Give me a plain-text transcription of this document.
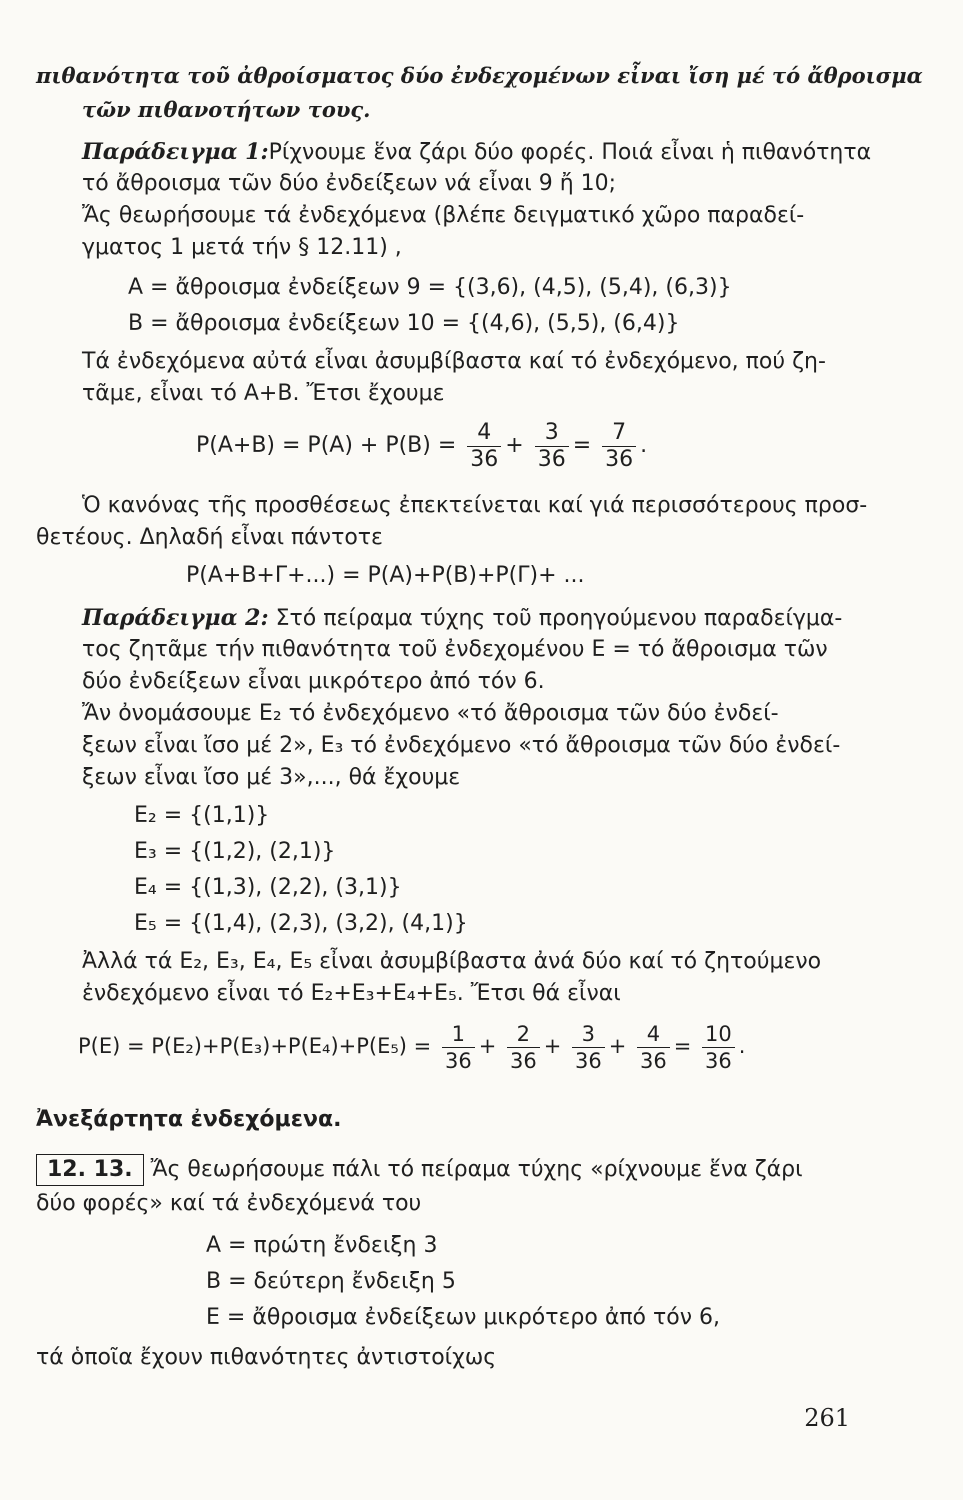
πιθανότητα τοῦ ἀθροίσματος δύο ἐνδεχομένων εἶναι ἴση μέ τό ἄθροισμα
τῶν πιθανοτήτων τους.
Παράδειγμα 1:Ρίχνουμε ἕνα ζάρι δύο φορές. Ποιά εἶναι ἡ πιθανότητα
τό ἄθροισμα τῶν δύο ἐνδείξεων νά εἶναι 9 ἤ 10;
Ἄς θεωρήσουμε τά ἐνδεχόμενα (βλέπε δειγματικό χῶρο παραδεί-
γματος 1 μετά τήν § 12.11) ,
Α = ἄθροισμα ἐνδείξεων 9 = {(3,6), (4,5), (5,4), (6,3)}
Β = ἄθροισμα ἐνδείξεων 10 = {(4,6), (5,5), (6,4)}
Τά ἐνδεχόμενα αὐτά εἶναι ἀσυμβίβαστα καί τό ἐνδεχόμενο, πού ζη-
τᾶμε, εἶναι τό Α+Β. Ἔτσι ἔχουμε
$P(A+B) = P(A) + P(B) = \frac{4}{36} + \frac{3}{36} = \frac{7}{36}$ .
Ὁ κανόνας τῆς προσθέσεως ἐπεκτείνεται καί γιά περισσότερους προσ-
θετέους. Δηλαδή εἶναι πάντοτε
Ρ(Α+Β+Γ+...) = Ρ(Α)+Ρ(Β)+Ρ(Γ)+ ...
Παράδειγμα 2: Στό πείραμα τύχης τοῦ προηγούμενου παραδείγμα-
τος ζητᾶμε τήν πιθανότητα τοῦ ἐνδεχομένου Ε = τό ἄθροισμα τῶν
δύο ἐνδείξεων εἶναι μικρότερο ἀπό τόν 6.
Ἄν ὀνομάσουμε Ε₂ τό ἐνδεχόμενο «τό ἄθροισμα τῶν δύο ἐνδεί-
ξεων εἶναι ἴσο μέ 2», Ε₃ τό ἐνδεχόμενο «τό ἄθροισμα τῶν δύο ἐνδεί-
ξεων εἶναι ἴσο μέ 3»,..., θά ἔχουμε
Ε₂ = {(1,1)}
Ε₃ = {(1,2), (2,1)}
Ε₄ = {(1,3), (2,2), (3,1)}
Ε₅ = {(1,4), (2,3), (3,2), (4,1)}
Ἀλλά τά Ε₂, Ε₃, Ε₄, Ε₅ εἶναι ἀσυμβίβαστα ἀνά δύο καί τό ζητούμενο
ἐνδεχόμενο εἶναι τό Ε₂+Ε₃+Ε₄+Ε₅. Ἔτσι θά εἶναι
$P(E) = P(E_2)+P(E_3)+P(E_4)+P(E_5) = \frac{1}{36} + \frac{2}{36} + \frac{3}{36} + \frac{4}{36} = \frac{10}{36}$ .
Ἀνεξάρτητα ἐνδεχόμενα.
12. 13. Ἄς θεωρήσουμε πάλι τό πείραμα τύχης «ρίχνουμε ἕνα ζάρι
δύο φορές» καί τά ἐνδεχόμενά του
Α = πρώτη ἔνδειξη 3
Β = δεύτερη ἔνδειξη 5
Ε = ἄθροισμα ἐνδείξεων μικρότερο ἀπό τόν 6,
τά ὁποῖα ἔχουν πιθανότητες ἀντιστοίχως
261
